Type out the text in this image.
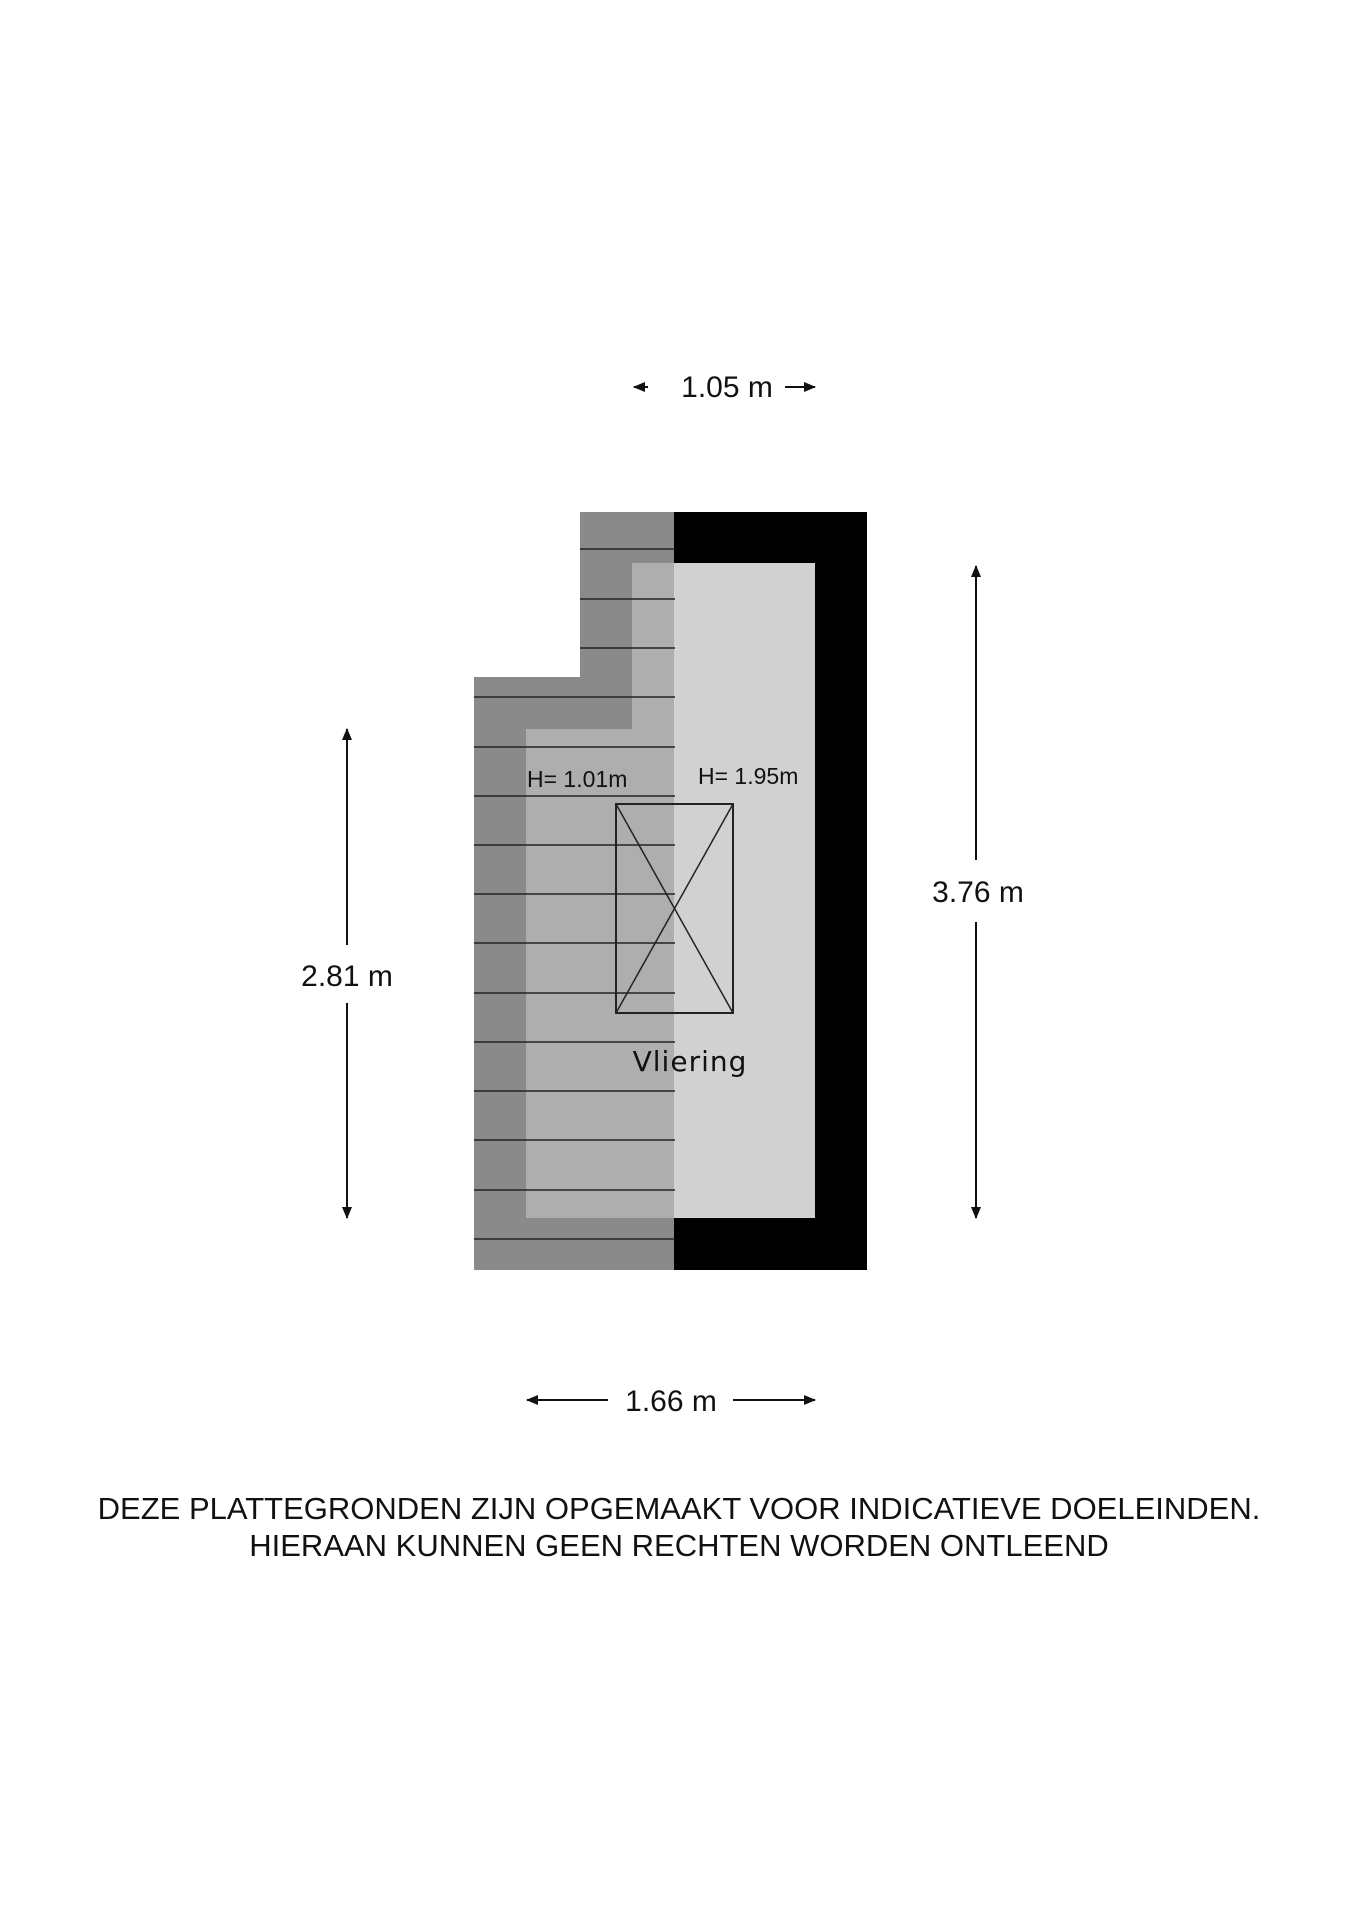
H= 1.01m	H= 1.95m
Vliering
1.05 m
3.76 m
2.81 m
1.66 m
DEZE PLATTEGRONDEN ZIJN OPGEMAAKT VOOR INDICATIEVE DOELEINDEN.
HIERAAN KUNNEN GEEN RECHTEN WORDEN ONTLEEND
